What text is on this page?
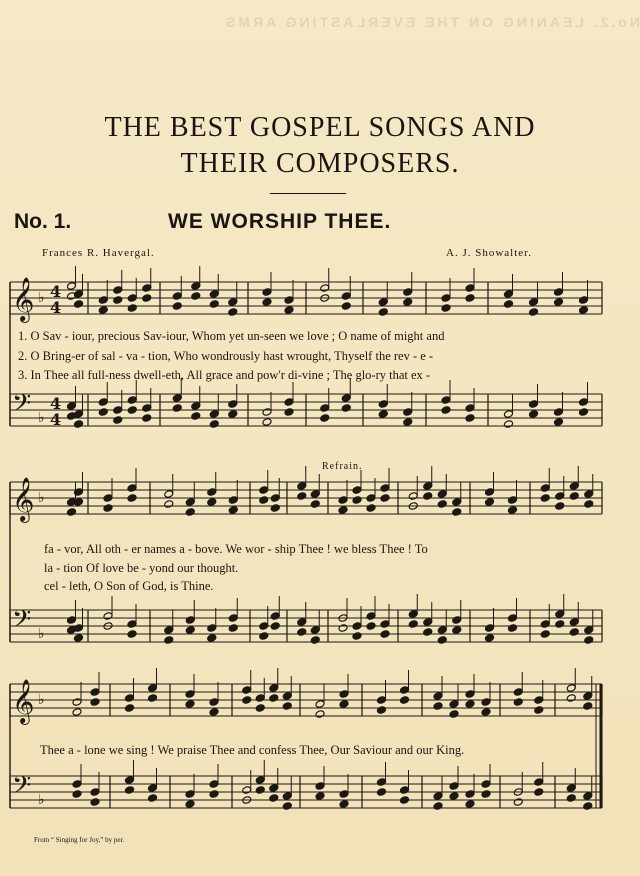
No.2. LEANING ON THE EVERLASTING ARMS
THE BEST GOSPEL SONGS AND
THEIR COMPOSERS.
No. 1.	WE WORSHIP THEE.
Frances R. Havergal.	A. J. Showalter.
𝄞 ♭ 4
4
𝄢 ♭
4
4
𝄞 ♭
𝄢 ♭
𝄞 ♭
𝄢 ♭
1. O Sav - iour, precious Sav-iour, Whom yet un-seen we love ; O name of might and
2. O Bring-er of sal - va - tion, Who wondrously hast wrought, Thyself the rev - e -
3. In Thee all full-ness dwell-eth, All grace and pow'r di-vine ; The glo-ry that ex -
Refrain.
fa - vor, All oth - er names a - bove. We wor - ship Thee ! we bless Thee ! To
la - tion Of love be - yond our thought.
cel - leth, O Son of God, is Thine.
Thee a - lone we sing ! We praise Thee and confess Thee, Our Saviour and our King.
From “ Singing for Joy,” by per.
